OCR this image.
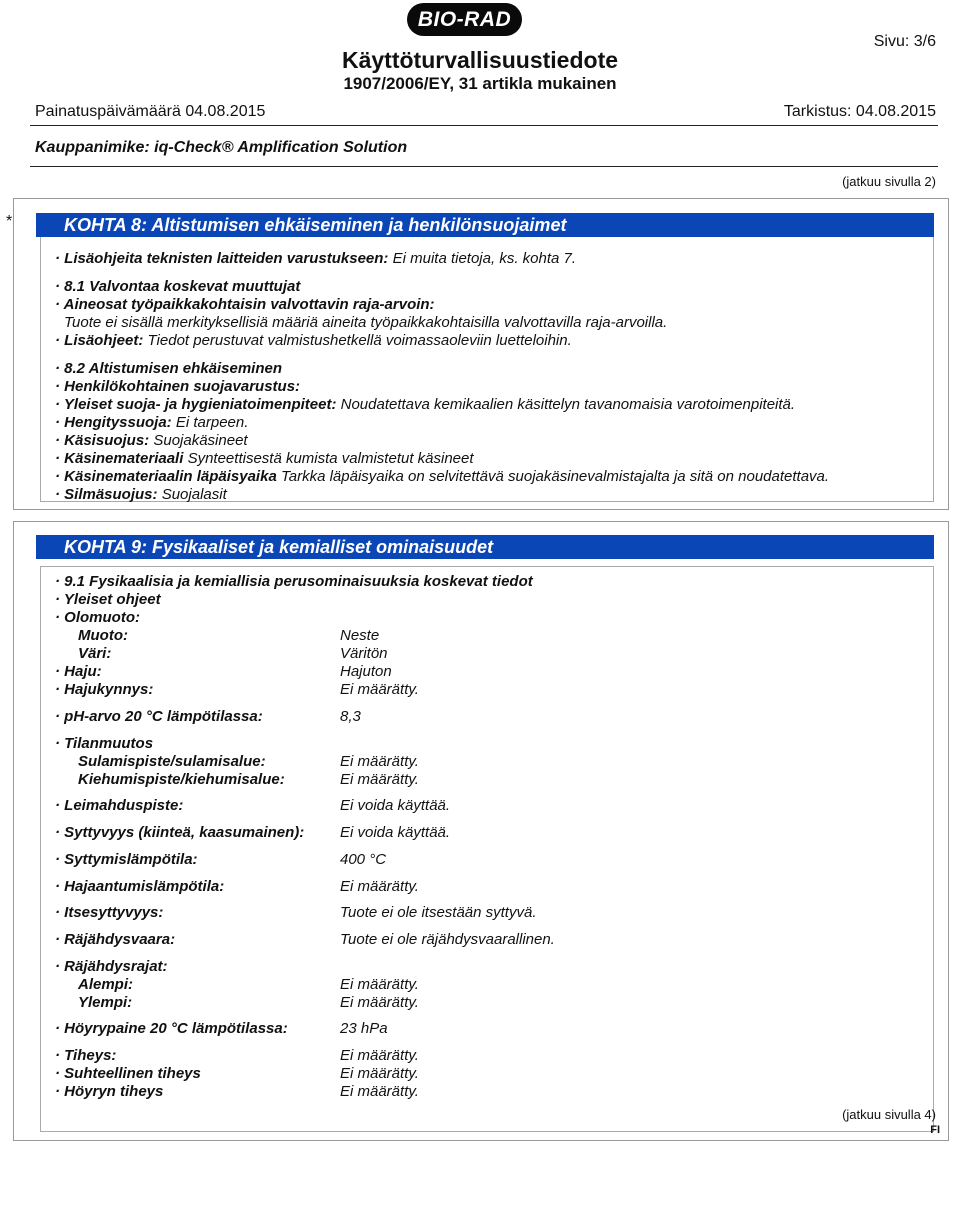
BIO-RAD
Sivu: 3/6
Käyttöturvallisuustiedote
1907/2006/EY, 31 artikla mukainen
Painatuspäivämäärä 04.08.2015	Tarkistus: 04.08.2015
Kauppanimike: iq-Check® Amplification Solution
(jatkuu sivulla 2)
*	KOHTA 8: Altistumisen ehkäiseminen ja henkilönsuojaimet
· Lisäohjeita teknisten laitteiden varustukseen: Ei muita tietoja, ks. kohta 7.
· 8.1 Valvontaa koskevat muuttujat
· Aineosat työpaikkakohtaisin valvottavin raja-arvoin:
Tuote ei sisällä merkityksellisiä määriä aineita työpaikkakohtaisilla valvottavilla raja-arvoilla.
· Lisäohjeet: Tiedot perustuvat valmistushetkellä voimassaoleviin luetteloihin.
· 8.2 Altistumisen ehkäiseminen
· Henkilökohtainen suojavarustus:
· Yleiset suoja- ja hygieniatoimenpiteet: Noudatettava kemikaalien käsittelyn tavanomaisia varotoimenpiteitä.
· Hengityssuoja: Ei tarpeen.
· Käsisuojus: Suojakäsineet
· Käsinemateriaali Synteettisestä kumista valmistetut käsineet
· Käsinemateriaalin läpäisyaika Tarkka läpäisyaika on selvitettävä suojakäsinevalmistajalta ja sitä on noudatettava.
· Silmäsuojus: Suojalasit
KOHTA 9: Fysikaaliset ja kemialliset ominaisuudet
· 9.1 Fysikaalisia ja kemiallisia perusominaisuuksia koskevat tiedot
· Yleiset ohjeet
· Olomuoto:
Muoto:	Neste
Väri:	Väritön
· Haju:	Hajuton
· Hajukynnys:	Ei määrätty.
· pH-arvo 20 °C lämpötilassa:	8,3
· Tilanmuutos
Sulamispiste/sulamisalue:	Ei määrätty.
Kiehumispiste/kiehumisalue:	Ei määrätty.
· Leimahduspiste:	Ei voida käyttää.
· Syttyvyys (kiinteä, kaasumainen): Ei voida käyttää.
· Syttymislämpötila:	400 °C
· Hajaantumislämpötila:	Ei määrätty.
· Itsesyttyvyys:	Tuote ei ole itsestään syttyvä.
· Räjähdysvaara:	Tuote ei ole räjähdysvaarallinen.
· Räjähdysrajat:
Alempi:	Ei määrätty.
Ylempi:	Ei määrätty.
· Höyrypaine 20 °C lämpötilassa:	23 hPa
· Tiheys:	Ei määrätty.
· Suhteellinen tiheys	Ei määrätty.
· Höyryn tiheys	Ei määrätty.
(jatkuu sivulla 4)
FI
